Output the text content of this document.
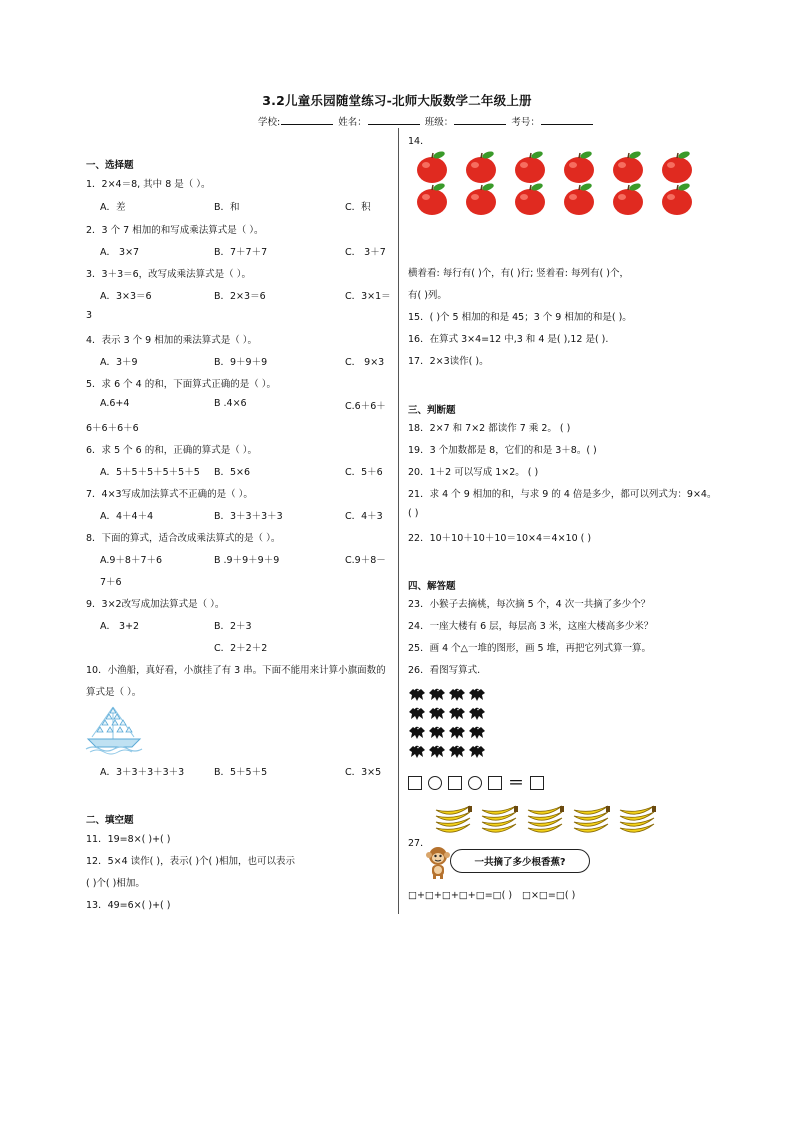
3.2儿童乐园随堂练习-北师大版数学二年级上册
学校:	姓名：	班级：	考号：
一、选择题
1．2×4＝8, 其中 8 是（ ）。
A．差	B．和	C．积
2．3 个 7 相加的和写成乘法算式是（ ）。
A． 3×7	B．7＋7＋7	C． 3＋7
3．3＋3＝6，改写成乘法算式是（ ）。
A．3×3＝6	B．2×3＝6	C．3×1＝
3
4．表示 3 个 9 相加的乘法算式是（ ）。
A．3＋9	B．9＋9＋9	C． 9×3
5．求 6 个 4 的和，下面算式正确的是（ ）。
A.6+4	B .4×6	C.6＋6＋
6＋6＋6＋6
6．求 5 个 6 的和，正确的算式是（ ）。
A．5＋5＋5＋5＋5＋5 B．5×6	C．5＋6
7．4×3写成加法算式不正确的是（ ）。
A．4＋4＋4	B．3＋3＋3＋3	C．4＋3
8．下面的算式，适合改成乘法算式的是（ ）。
A.9＋8＋7＋6	B .9＋9＋9＋9	C.9＋8－
7＋6
9．3×2改写成加法算式是（ ）。
A． 3+2	B．2＋3
C．2＋2＋2
10．小渔船，真好看，小旗挂了有 3 串。下面不能用来计算小旗面数的
算式是（ ）。
A．3＋3＋3＋3＋3	B．5＋5＋5	C．3×5
二、填空题
11．19=8×( )+( )
12．5×4 读作( )，表示( )个( )相加，也可以表示
( )个( )相加。
13．49=6×( )+( )
14．
横着看: 每行有( )个，有( )行; 竖着看: 每列有( )个，
有( )列。
15．( )个 5 相加的和是 45；3 个 9 相加的和是( )。
16．在算式 3×4=12 中,3 和 4 是( ),12 是( ).
17．2×3读作( )。
三、判断题
18．2×7 和 7×2 都读作 7 乘 2。 ( )
19．3 个加数都是 8，它们的和是 3＋8。( )
20．1＋2 可以写成 1×2。 ( )
21．求 4 个 9 相加的和，与求 9 的 4 倍是多少，都可以列式为：9×4。
( )
22．10＋10＋10＋10＝10×4＝4×10 ( )
四、解答题
23．小猴子去摘桃，每次摘 5 个，4 次一共摘了多少个？
24．一座大楼有 6 层，每层高 3 米，这座大楼高多少米？
25．画 4 个△一堆的图形，画 5 堆，再把它列式算一算。
26．看图写算式.
＝
27．
一共摘了多少根香蕉?
□+□+□+□+□=□( ) □×□=□( )
